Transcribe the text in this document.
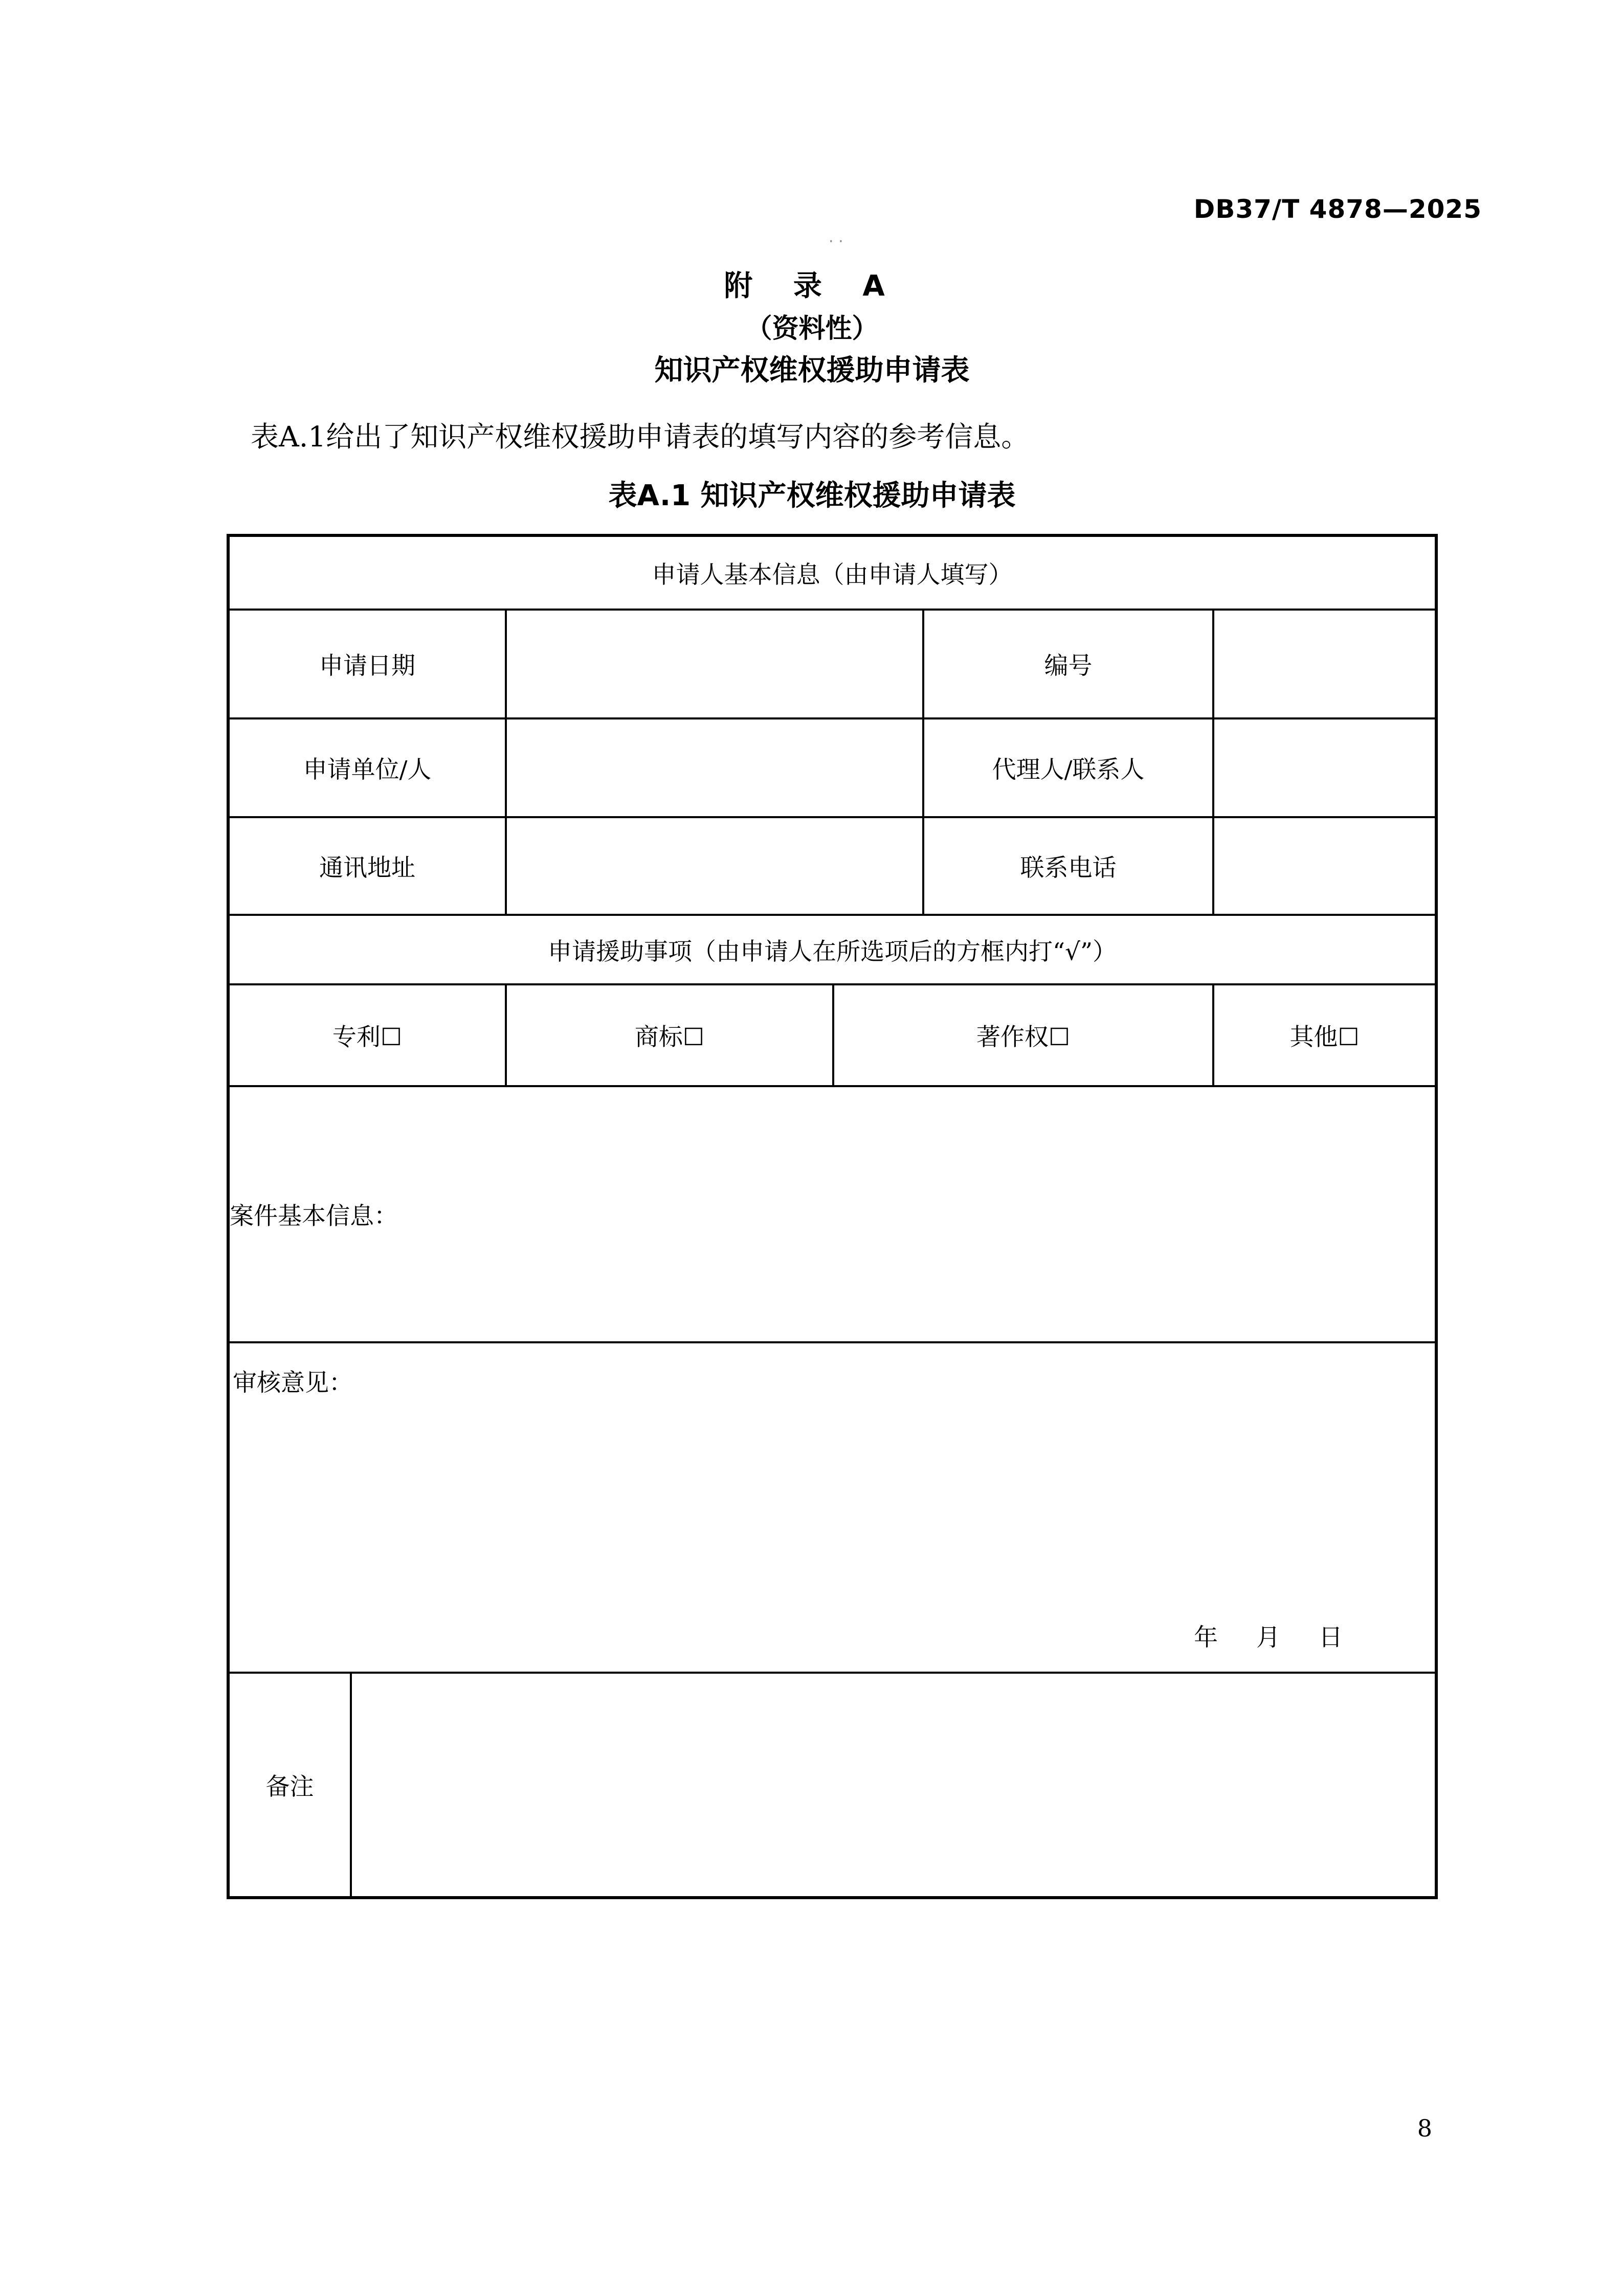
DB37/T 4878—2025
· ·
附 录 A
（资料性）
知识产权维权援助申请表
表A.1给出了知识产权维权援助申请表的填写内容的参考信息。
表A.1 知识产权维权援助申请表
申请人基本信息（由申请人填写）					
申请日期				编号	
申请单位/人				代理人/联系人	
通讯地址				联系电话	
申请援助事项（由申请人在所选项后的方框内打“√”）					
专利☐		商标☐	著作权☐		其他☐
案件基本信息：					

审核意见：
年 月 日					

备注					
8
